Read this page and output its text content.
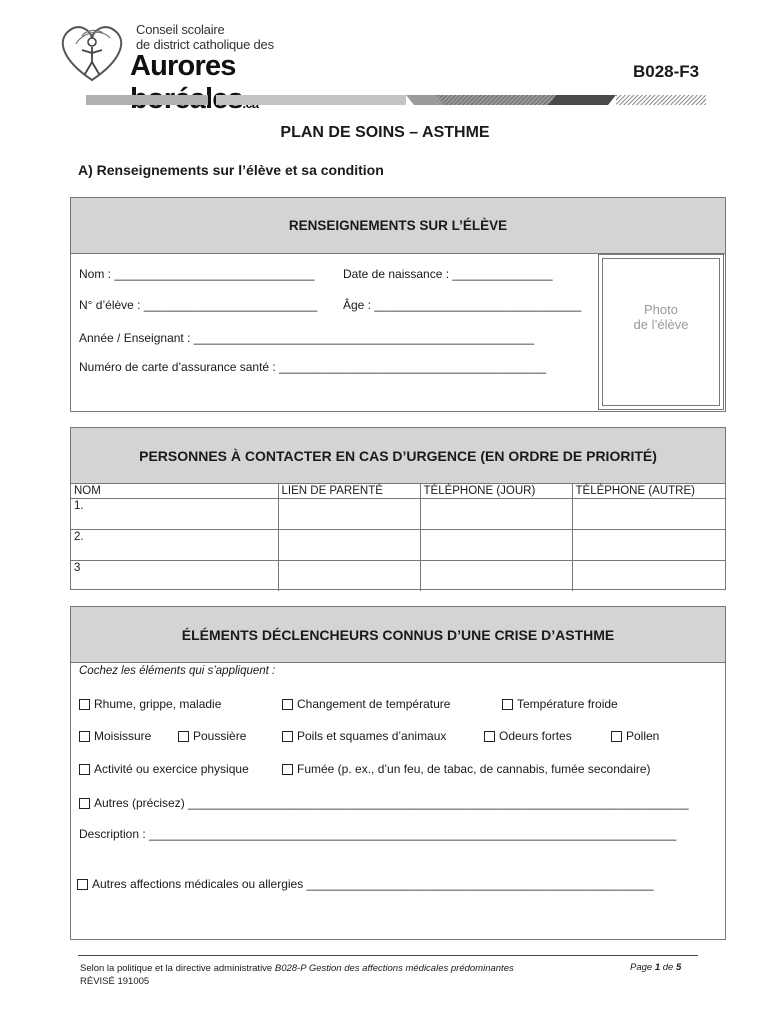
Conseil scolaire
de district catholique des
Aurores	B028-F3
PLAN DE SOINS – ASTHME
A) Renseignements sur l’élève et sa condition
RENSEIGNEMENTS SUR L’ÉLÈVE
Nom : ______________________________ Date de naissance : _______________
N° d’élève : __________________________ Âge : _______________________________
Année / Enseignant : ___________________________________________________
Numéro de carte d’assurance santé : ________________________________________
Photo
de l’élève
PERSONNES À CONTACTER EN CAS D’URGENCE (EN ORDRE DE PRIORITÉ)
NOM	LIEN DE PARENTÉ	TÉLÉPHONE (JOUR)	TÉLÉPHONE (AUTRE)
1.			
2.			
3			
ÉLÉMENTS DÉCLENCHEURS CONNUS D’UNE CRISE D’ASTHME
Cochez les éléments qui s’appliquent :
Rhume, grippe, maladie	Changement de température	Température froide
Moisissure	Poussière	Poils et squames d’animaux	Odeurs fortes	Pollen
Activité ou exercice physique	Fumée (p. ex., d’un feu, de tabac, de cannabis, fumée secondaire)
Autres (précisez) ___________________________________________________________________________
Description : _______________________________________________________________________________
Autres affections médicales ou allergies ____________________________________________________
Selon la politique et la directive administrative B028-P Gestion des affections médicales prédominantes
RÉVISÉ 191005
Page 1 de 5
